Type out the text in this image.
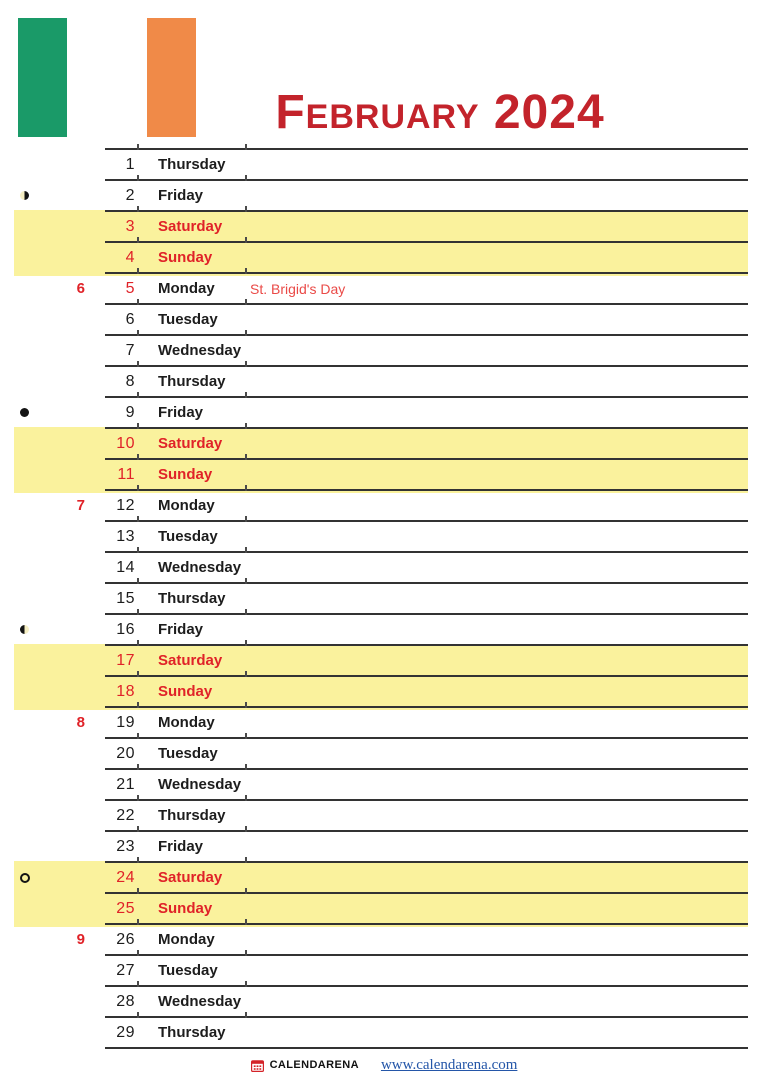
February 2024
1 Thursday
2 Friday
3 Saturday
4 Sunday
6	5 Monday	St. Brigid's Day
6 Tuesday
7 Wednesday
8 Thursday
9 Friday
10 Saturday
11 Sunday
7	12 Monday
13 Tuesday
14 Wednesday
15 Thursday
16 Friday
17 Saturday
18 Sunday
8	19 Monday
20 Tuesday
21 Wednesday
22 Thursday
23 Friday
24 Saturday
25 Sunday
9	26 Monday
27 Tuesday
28 Wednesday
29 Thursday
CALENDARENA www.calendarena.com
